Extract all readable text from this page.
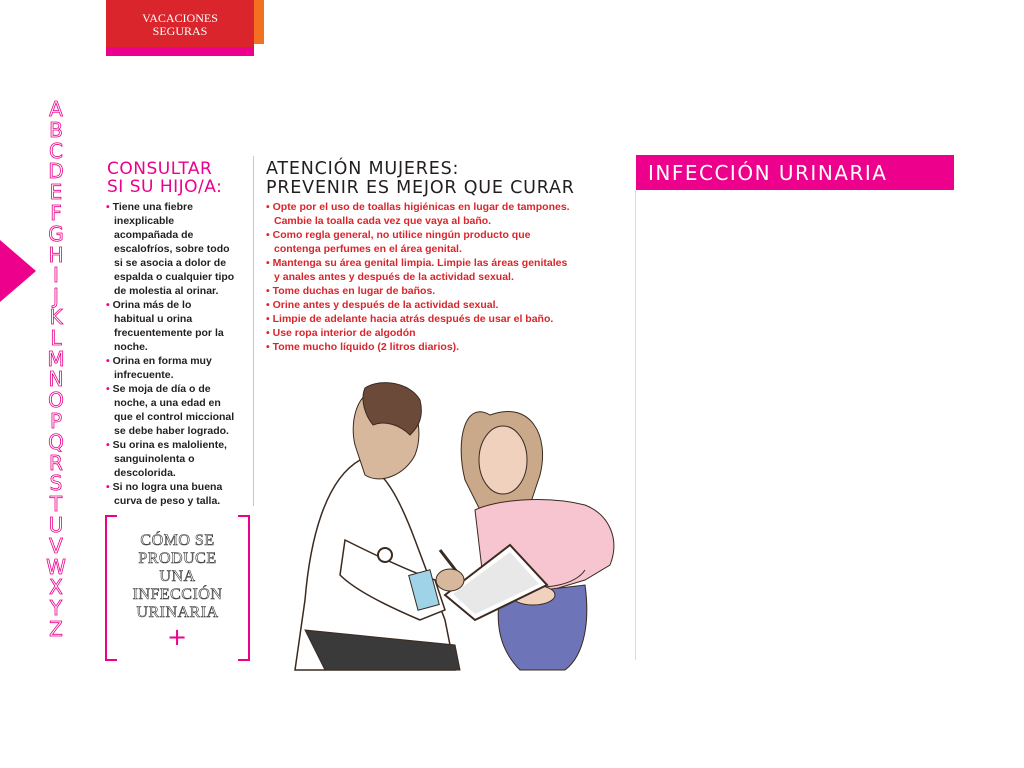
VACACIONES
SEGURAS
A
B
C
D
E
F
G
H
I
J
K
L
M
N
O
P
Q
R
S
T
U
V
W
X
Y
Z
CONSULTAR
SI SU HIJO/A:
• Tiene una fiebre
inexplicable
acompañada de
escalofríos, sobre todo
si se asocia a dolor de
espalda o cualquier tipo
de molestia al orinar.
• Orina más de lo
habitual u orina
frecuentemente por la
noche.
• Orina en forma muy
infrecuente.
• Se moja de día o de
noche, a una edad en
que el control miccional
se debe haber logrado.
• Su orina es maloliente,
sanguinolenta o
descolorida.
• Si no logra una buena
curva de peso y talla.
CÓMO SE
PRODUCE
UNA
INFECCIÓN
URINARIA
+
ATENCIÓN MUJERES:
PREVENIR ES MEJOR QUE CURAR
• Opte por el uso de toallas higiénicas en lugar de tampones.
Cambie la toalla cada vez que vaya al baño.
• Como regla general, no utilice ningún producto que
contenga perfumes en el área genital.
• Mantenga su área genital limpia. Limpie las áreas genitales
y anales antes y después de la actividad sexual.
• Tome duchas en lugar de baños.
• Orine antes y después de la actividad sexual.
• Limpie de adelante hacia atrás después de usar el baño.
• Use ropa interior de algodón
• Tome mucho líquido (2 litros diarios).
INFECCIÓN URINARIA
